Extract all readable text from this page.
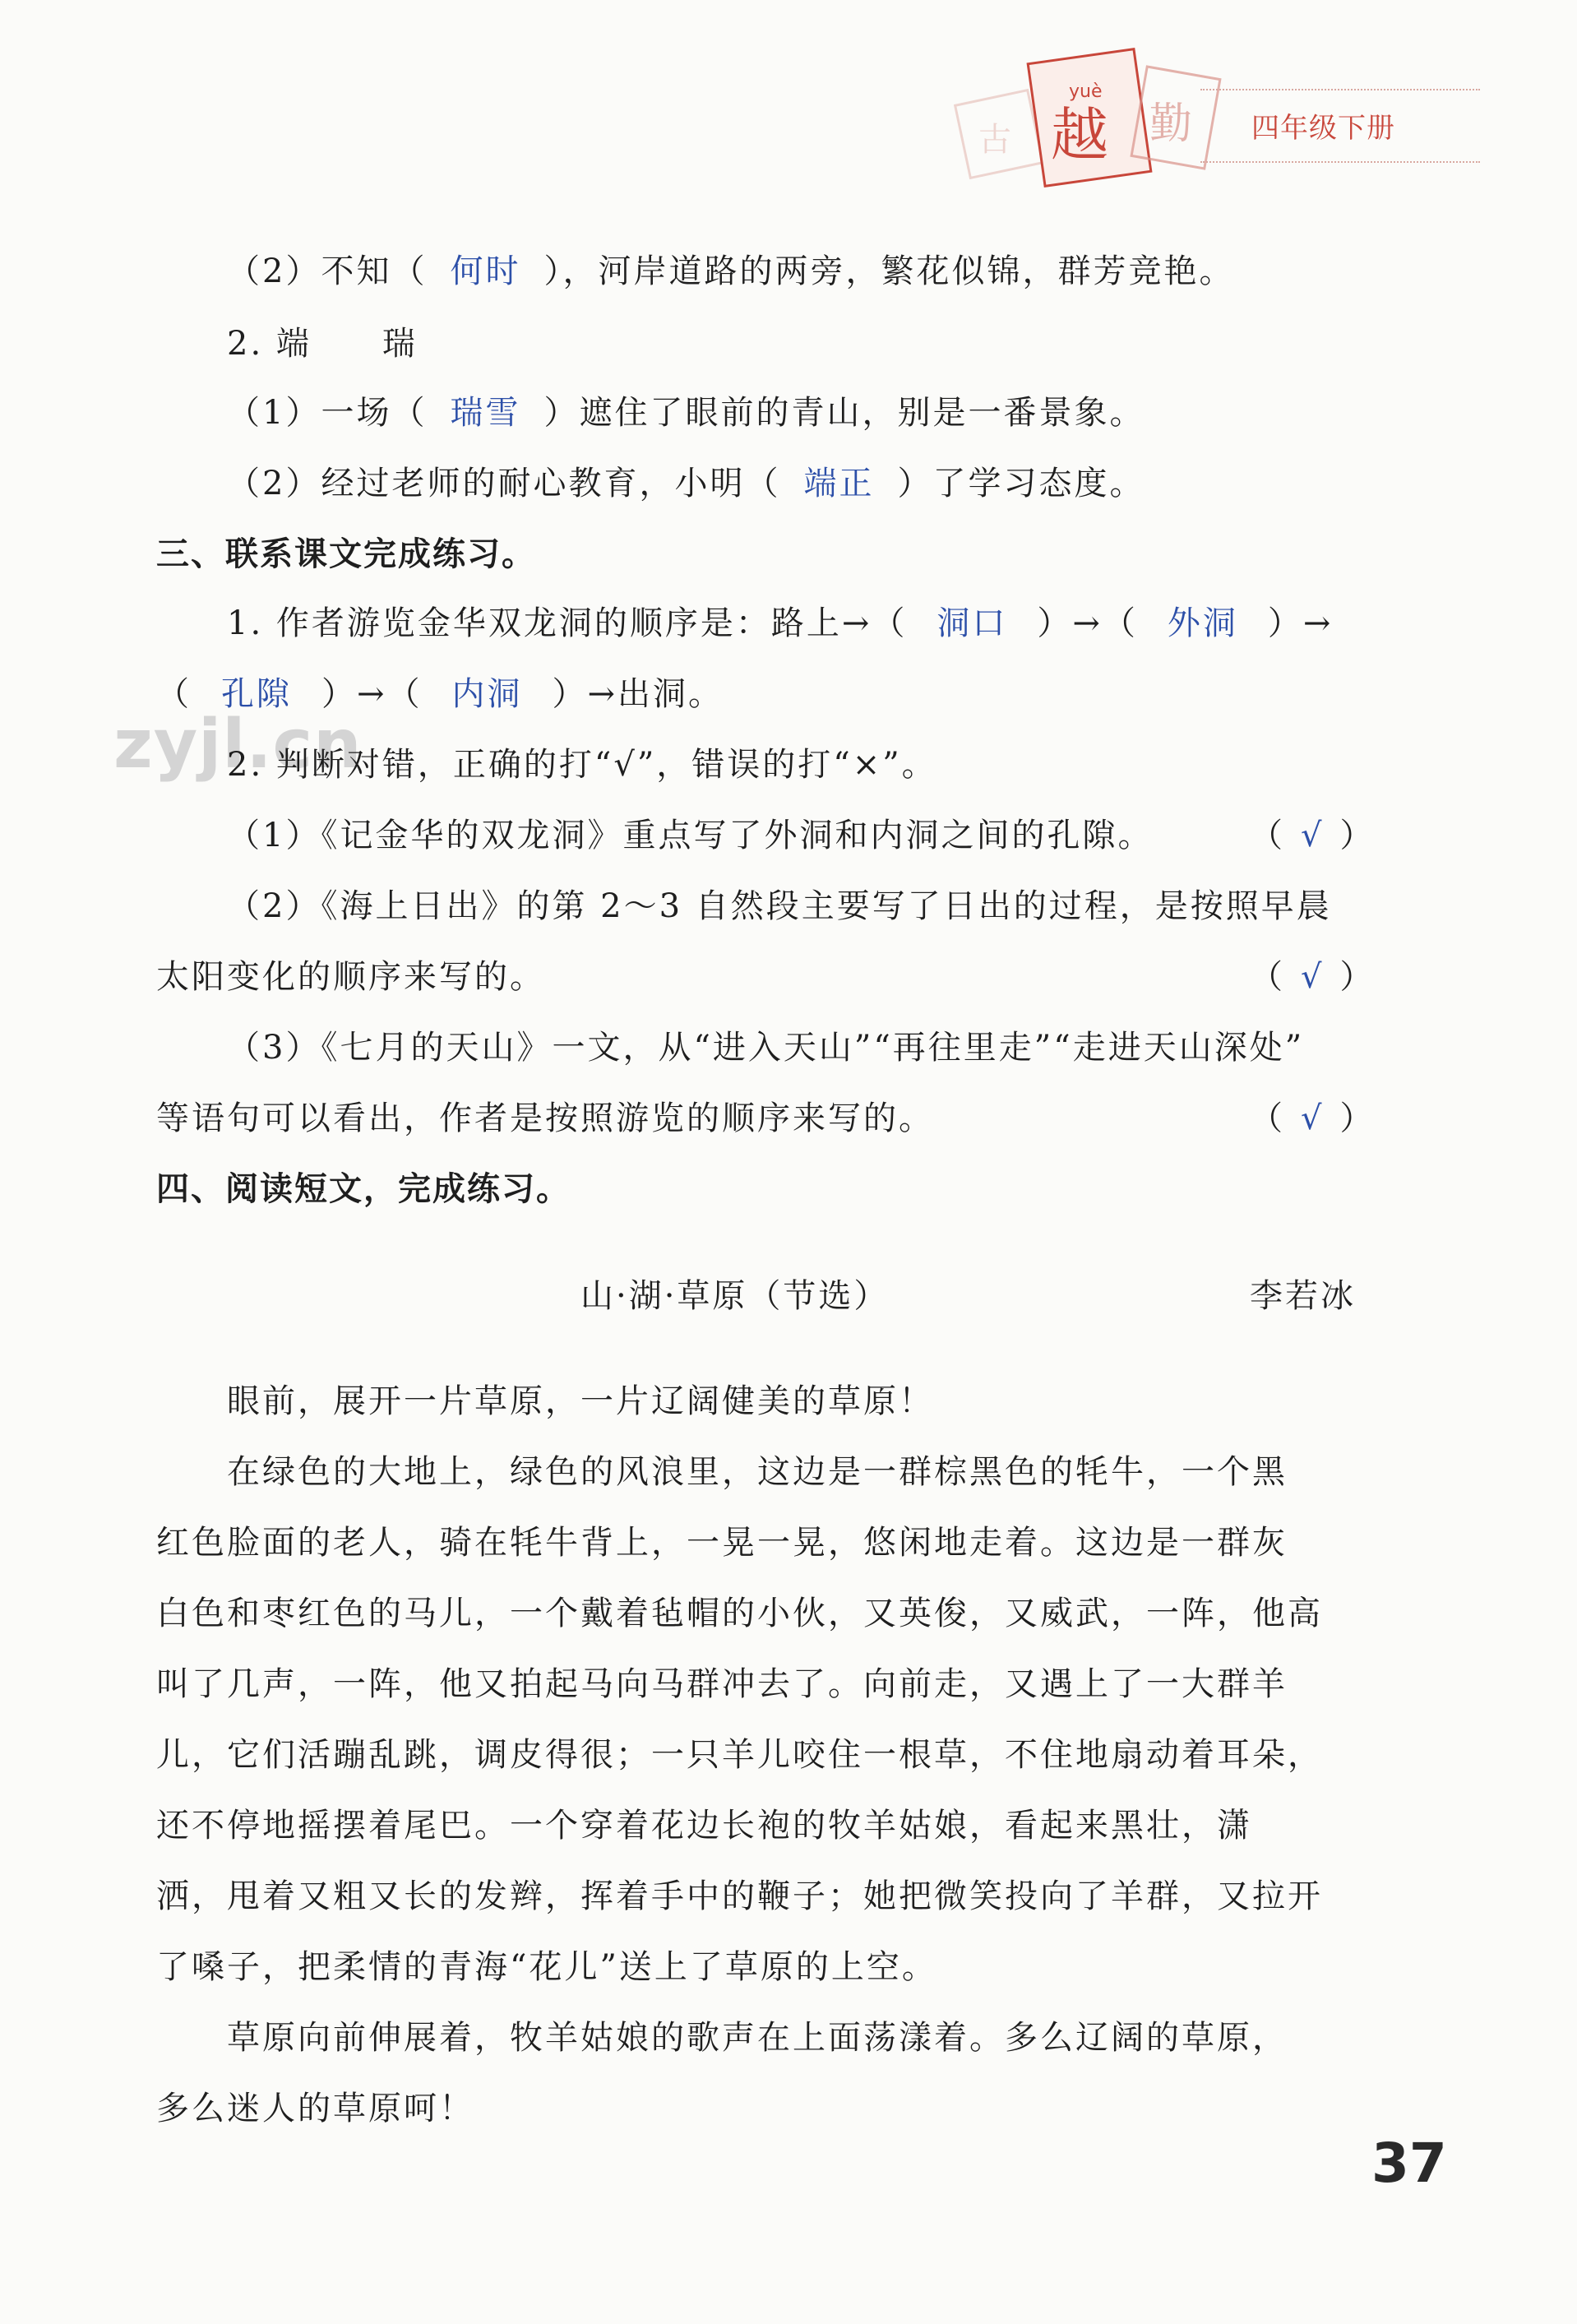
古
yuè
越 勤 四年级下册
zyjl.cn
（2）不知（ 何时 ），河岸道路的两旁，繁花似锦，群芳竞艳。
2. 端　　瑞
（1）一场（ 瑞雪 ）遮住了眼前的青山，别是一番景象。
（2）经过老师的耐心教育，小明（ 端正 ）了学习态度。
三、联系课文完成练习。
1. 作者游览金华双龙洞的顺序是：路上→（ 洞口 ）→（ 外洞 ）→
（ 孔隙 ）→（ 内洞 ）→出洞。
2. 判断对错，正确的打“√”，错误的打“×”。
（1）《记金华的双龙洞》重点写了外洞和内洞之间的孔隙。	（ √ ）
（2）《海上日出》的第 2～3 自然段主要写了日出的过程，是按照早晨
太阳变化的顺序来写的。	（ √ ）
（3）《七月的天山》一文，从“进入天山”“再往里走”“走进天山深处”
等语句可以看出，作者是按照游览的顺序来写的。	（ √ ）
四、阅读短文，完成练习。
山·湖·草原（节选）	李若冰
　　眼前，展开一片草原，一片辽阔健美的草原！
　　在绿色的大地上，绿色的风浪里，这边是一群棕黑色的牦牛，一个黑
红色脸面的老人，骑在牦牛背上，一晃一晃，悠闲地走着。这边是一群灰
白色和枣红色的马儿，一个戴着毡帽的小伙，又英俊，又威武，一阵，他高
叫了几声，一阵，他又拍起马向马群冲去了。向前走，又遇上了一大群羊
儿，它们活蹦乱跳，调皮得很；一只羊儿咬住一根草，不住地扇动着耳朵，
还不停地摇摆着尾巴。一个穿着花边长袍的牧羊姑娘，看起来黑壮，潇
洒，甩着又粗又长的发辫，挥着手中的鞭子；她把微笑投向了羊群，又拉开
了嗓子，把柔情的青海“花儿”送上了草原的上空。
　　草原向前伸展着，牧羊姑娘的歌声在上面荡漾着。多么辽阔的草原，
多么迷人的草原呵！
37
